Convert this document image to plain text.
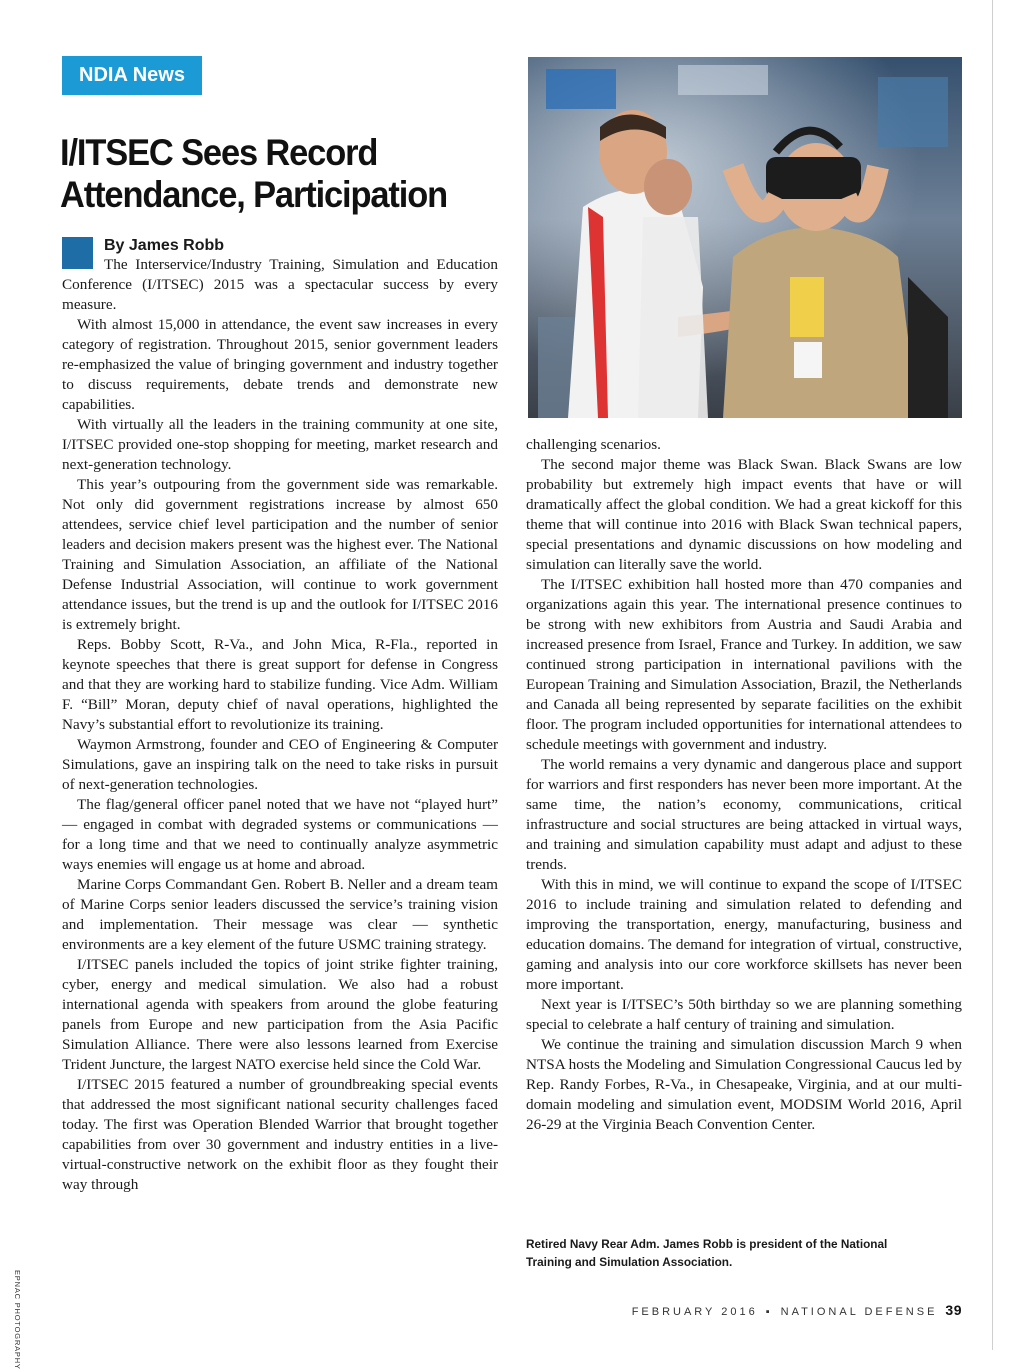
NDIA News
I/ITSEC Sees Record Attendance, Participation
By James Robb

The Interservice/Industry Training, Simulation and Education Conference (I/ITSEC) 2015 was a spectacular success by every measure.

With almost 15,000 in attendance, the event saw increases in every category of registration. Throughout 2015, senior government leaders re-emphasized the value of bringing government and industry together to discuss requirements, debate trends and demonstrate new capabilities.

With virtually all the leaders in the training community at one site, I/ITSEC provided one-stop shopping for meeting, market research and next-generation technology.

This year’s outpouring from the government side was remarkable. Not only did government registrations increase by almost 650 attendees, service chief level participation and the number of senior leaders and decision makers present was the highest ever. The National Training and Simulation Association, an affiliate of the National Defense Industrial Association, will continue to work government attendance issues, but the trend is up and the outlook for I/ITSEC 2016 is extremely bright.

Reps. Bobby Scott, R-Va., and John Mica, R-Fla., reported in keynote speeches that there is great support for defense in Congress and that they are working hard to stabilize funding. Vice Adm. William F. “Bill” Moran, deputy chief of naval operations, highlighted the Navy’s substantial effort to revolutionize its training.

Waymon Armstrong, founder and CEO of Engineering & Computer Simulations, gave an inspiring talk on the need to take risks in pursuit of next-generation technologies.

The flag/general officer panel noted that we have not “played hurt” — engaged in combat with degraded systems or communications — for a long time and that we need to continually analyze asymmetric ways enemies will engage us at home and abroad.

Marine Corps Commandant Gen. Robert B. Neller and a dream team of Marine Corps senior leaders discussed the service’s training vision and implementation. Their message was clear — synthetic environments are a key element of the future USMC training strategy.

I/ITSEC panels included the topics of joint strike fighter training, cyber, energy and medical simulation. We also had a robust international agenda with speakers from around the globe featuring panels from Europe and new participation from the Asia Pacific Simulation Alliance. There were also lessons learned from Exercise Trident Juncture, the largest NATO exercise held since the Cold War.

I/ITSEC 2015 featured a number of groundbreaking special events that addressed the most significant national security challenges faced today. The first was Operation Blended Warrior that brought together capabilities from over 30 government and industry entities in a live-virtual-constructive network on the exhibit floor as they fought their way through

challenging scenarios.

The second major theme was Black Swan. Black Swans are low probability but extremely high impact events that have or will dramatically affect the global condition. We had a great kickoff for this theme that will continue into 2016 with Black Swan technical papers, special presentations and dynamic discussions on how modeling and simulation can literally save the world.

The I/ITSEC exhibition hall hosted more than 470 companies and organizations again this year. The international presence continues to be strong with new exhibitors from Austria and Saudi Arabia and increased presence from Israel, France and Turkey. In addition, we saw continued strong participation in international pavilions with the European Training and Simulation Association, Brazil, the Netherlands and Canada all being represented by separate facilities on the exhibit floor. The program included opportunities for international attendees to schedule meetings with government and industry.

The world remains a very dynamic and dangerous place and support for warriors and first responders has never been more important. At the same time, the nation’s economy, communications, critical infrastructure and social structures are being attacked in virtual ways, and training and simulation capability must adapt and adjust to these trends.

With this in mind, we will continue to expand the scope of I/ITSEC 2016 to include training and simulation related to defending and improving the transportation, energy, manufacturing, business and education domains. The demand for integration of virtual, constructive, gaming and analysis into our core workforce skillsets has never been more important.

Next year is I/ITSEC’s 50th birthday so we are planning something special to celebrate a half century of training and simulation.

We continue the training and simulation discussion March 9 when NTSA hosts the Modeling and Simulation Congressional Caucus led by Rep. Randy Forbes, R-Va., in Chesapeake, Virginia, and at our multi-domain modeling and simulation event, MODSIM World 2016, April 26-29 at the Virginia Beach Convention Center.

Retired Navy Rear Adm. James Robb is president of the National Training and Simulation Association.
EPNAC PHOTOGRAPHY	FEBRUARY 2016 ▪ NATIONAL DEFENSE 39
